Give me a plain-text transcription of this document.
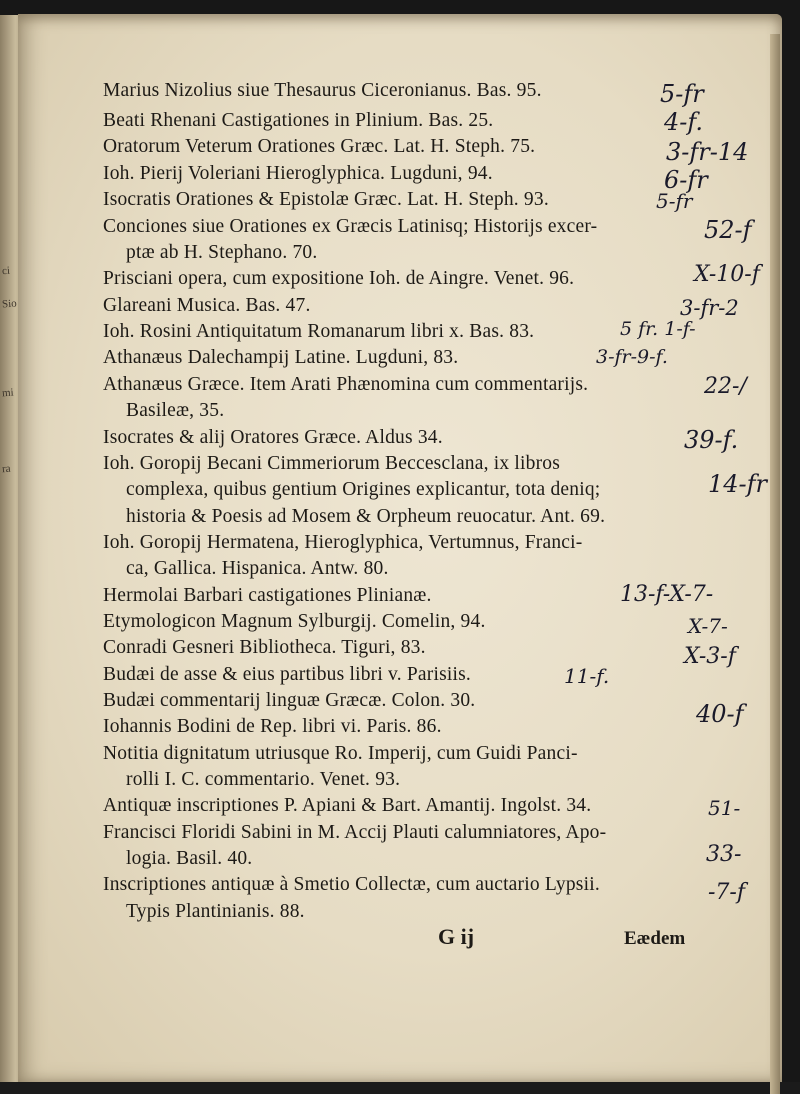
ci
Sio
mi
ra
Marius Nizolius siue Thesaurus Ciceronianus. Bas. 95.
Beati Rhenani Castigationes in Plinium. Bas. 25.
Oratorum Veterum Orationes Græc. Lat. H. Steph. 75.
Ioh. Pierij Voleriani Hieroglyphica. Lugduni, 94.
Isocratis Orationes & Epistolæ Græc. Lat. H. Steph. 93.
Conciones siue Orationes ex Græcis Latinisq; Historijs excer-
ptæ ab H. Stephano. 70.
Prisciani opera, cum expositione Ioh. de Aingre. Venet. 96.
Glareani Musica. Bas. 47.
Ioh. Rosini Antiquitatum Romanarum libri x. Bas. 83.
Athanæus Dalechampij Latine. Lugduni, 83.
Athanæus Græce. Item Arati Phænomina cum commentarijs.
Basileæ, 35.
Isocrates & alij Oratores Græce. Aldus 34.
Ioh. Goropij Becani Cimmeriorum Beccesclana, ix libros
complexa, quibus gentium Origines explicantur, tota deniq;
historia & Poesis ad Mosem & Orpheum reuocatur. Ant. 69.
Ioh. Goropij Hermatena, Hieroglyphica, Vertumnus, Franci-
ca, Gallica. Hispanica. Antw. 80.
Hermolai Barbari castigationes Plinianæ.
Etymologicon Magnum Sylburgij. Comelin, 94.
Conradi Gesneri Bibliotheca. Tiguri, 83.
Budæi de asse & eius partibus libri v. Parisiis.
Budæi commentarij linguæ Græcæ. Colon. 30.
Iohannis Bodini de Rep. libri vi. Paris. 86.
Notitia dignitatum utriusque Ro. Imperij, cum Guidi Panci-
rolli I. C. commentario. Venet. 93.
Antiquæ inscriptiones P. Apiani & Bart. Amantij. Ingolst. 34.
Francisci Floridi Sabini in M. Accij Plauti calumniatores, Apo-
logia. Basil. 40.
Inscriptiones antiquæ à Smetio Collectæ, cum auctario Lypsii.
Typis Plantinianis. 88.
5-fr
4-f.
3-fr-14
6-fr
5-fr
52-f
X-10-f
3-fr-2
5 fr. 1-f-
3-fr-9-f.
22-/
39-f.
14-fr
13-f-X-7-
X-7-
X-3-f
11-f.
40-f
51-
33-
-7-f
G ij	Eædem
